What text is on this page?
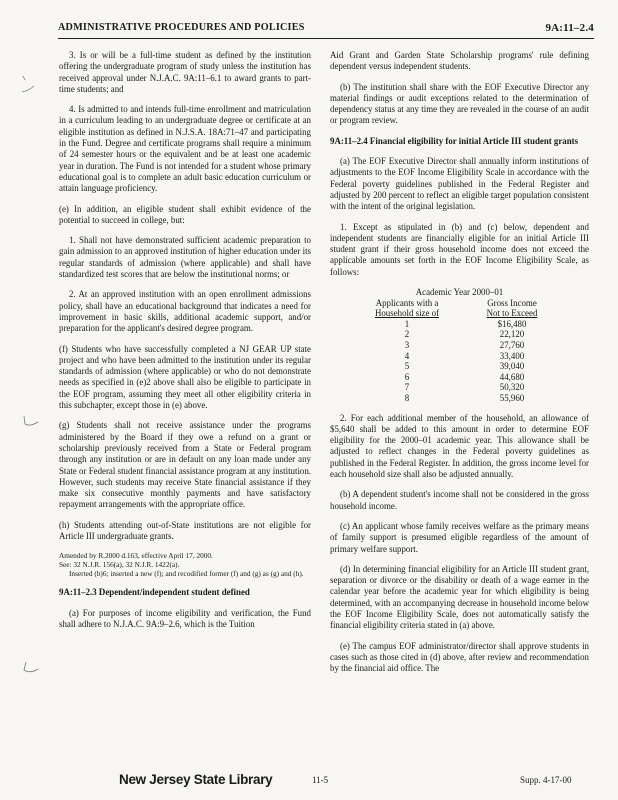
ADMINISTRATIVE PROCEDURES AND POLICIES	9A:11–2.4

3. Is or will be a full-time student as defined by the institution offering the undergraduate program of study unless the institution has received approval under N.J.A.C. 9A:11–6.1 to award grants to part-time students; and

4. Is admitted to and intends full-time enrollment and matriculation in a curriculum leading to an undergraduate degree or certificate at an eligible institution as defined in N.J.S.A. 18A:71–47 and participating in the Fund. Degree and certificate programs shall require a minimum of 24 semester hours or the equivalent and be at least one academic year in duration. The Fund is not intended for a student whose primary educational goal is to complete an adult basic education curriculum or attain language proficiency.

(e) In addition, an eligible student shall exhibit evidence of the potential to succeed in college, but:

1. Shall not have demonstrated sufficient academic preparation to gain admission to an approved institution of higher education under its regular standards of admission (where applicable) and shall have standardized test scores that are below the institutional norms; or

2. At an approved institution with an open enrollment admissions policy, shall have an educational background that indicates a need for improvement in basic skills, additional academic support, and/or preparation for the applicant's desired degree program.

(f) Students who have successfully completed a NJ GEAR UP state project and who have been admitted to the institution under its regular standards of admission (where applicable) or who do not demonstrate needs as specified in (e)2 above shall also be eligible to participate in the EOF program, assuming they meet all other eligibility criteria in this subchapter, except those in (e) above.

(g) Students shall not receive assistance under the programs administered by the Board if they owe a refund on a grant or scholarship previously received from a State or Federal program through any institution or are in default on any loan made under any State or Federal student financial assistance program at any institution. However, such students may receive State financial assistance if they make six consecutive monthly payments and have satisfactory repayment arrangements with the appropriate office.

(h) Students attending out-of-State institutions are not eligible for Article III undergraduate grants.

Amended by R.2000 d.163, effective April 17, 2000.
See: 32 N.J.R. 156(a), 32 N.J.R. 1422(a).
Inserted (b)6; inserted a new (f); and recodified former (f) and (g) as (g) and (h).

9A:11–2.3 Dependent/independent student defined

(a) For purposes of income eligibility and verification, the Fund shall adhere to N.J.A.C. 9A:9–2.6, which is the Tuition

Aid Grant and Garden State Scholarship programs' rule defining dependent versus independent students.

(b) The institution shall share with the EOF Executive Director any material findings or audit exceptions related to the determination of dependency status at any time they are revealed in the course of an audit or program review.

9A:11–2.4 Financial eligibility for initial Article III student grants

(a) The EOF Executive Director shall annually inform institutions of adjustments to the EOF Income Eligibility Scale in accordance with the Federal poverty guidelines published in the Federal Register and adjusted by 200 percent to reflect an eligible target population consistent with the intent of the original legislation.

1. Except as stipulated in (b) and (c) below, dependent and independent students are financially eligible for an initial Article III student grant if their gross household income does not exceed the applicable amounts set forth in the EOF Income Eligibility Scale, as follows:

Academic Year 2000–01	
Applicants with a	Gross Income
Household size of	Not to Exceed
1	$16,480
2	22,120
3	27,760
4	33,400
5	39,040
6	44,680
7	50,320
8	55,960

2. For each additional member of the household, an allowance of $5,640 shall be added to this amount in order to determine EOF eligibility for the 2000–01 academic year. This allowance shall be adjusted to reflect changes in the Federal poverty guidelines as published in the Federal Register. In addition, the gross income level for each household size shall also be adjusted annually.

(b) A dependent student's income shall not be considered in the gross household income.

(c) An applicant whose family receives welfare as the primary means of family support is presumed eligible regardless of the amount of primary welfare support.

(d) In determining financial eligibility for an Article III student grant, separation or divorce or the disability or death of a wage earner in the calendar year before the academic year for which eligibility is being determined, with an accompanying decrease in household income below the EOF Income Eligibility Scale, does not automatically satisfy the financial eligibility criteria stated in (a) above.

(e) The campus EOF administrator/director shall approve students in cases such as those cited in (d) above, after review and recommendation by the financial aid office. The

New Jersey State Library	11-5	Supp. 4-17-00
